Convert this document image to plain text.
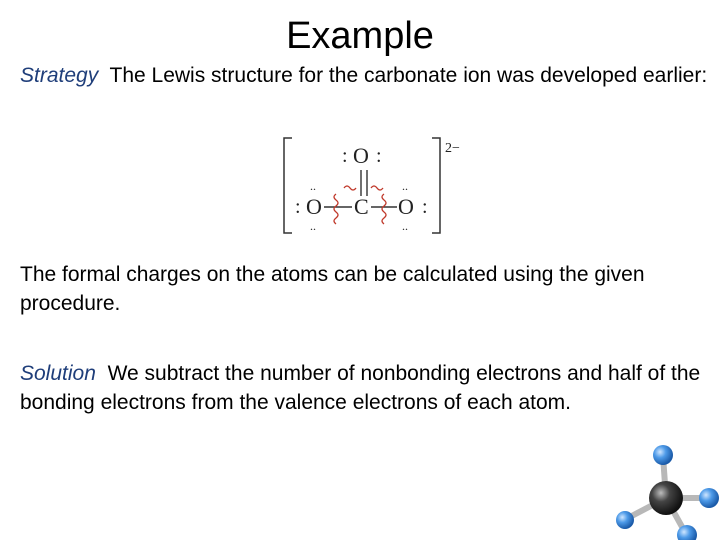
Example
Strategy The Lewis structure for the carbonate ion was developed earlier:
2−
: O :
..
: O
..
C
..
O :
..
The formal charges on the atoms can be calculated using the given procedure.
Solution We subtract the number of nonbonding electrons and half of the bonding electrons from the valence electrons of each atom.
